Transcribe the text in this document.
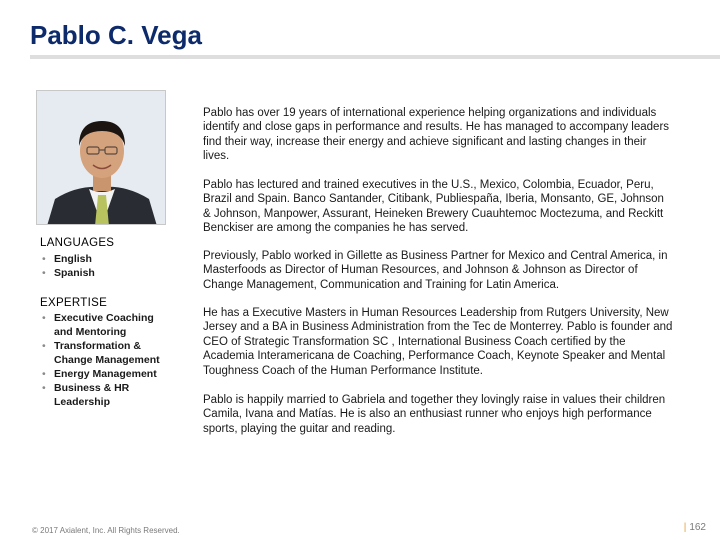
Pablo C. Vega
LANGUAGES
• English
• Spanish
EXPERTISE
• Executive Coaching and Mentoring
• Transformation & Change Management
• Energy Management
• Business & HR Leadership

Pablo has over 19 years of international experience helping organizations and individuals identify and close gaps in performance and results. He has managed to accompany leaders find their way, increase their energy and achieve significant and lasting changes in their lives.

Pablo has lectured and trained executives in the U.S., Mexico, Colombia, Ecuador, Peru, Brazil and Spain. Banco Santander, Citibank, Publiespaña, Iberia, Monsanto, GE, Johnson & Johnson, Manpower, Assurant, Heineken Brewery Cuauhtemoc Moctezuma, and Reckitt Benckiser are among the companies he has served.

Previously, Pablo worked in Gillette as Business Partner for Mexico and Central America, in Masterfoods as Director of Human Resources, and Johnson & Johnson as Director of Change Management, Communication and Training for Latin America.

He has a Executive Masters in Human Resources Leadership from Rutgers University, New Jersey and a BA in Business Administration from the Tec de Monterrey. Pablo is founder and CEO of Strategic Transformation SC , International Business Coach certified by the Academia Interamericana de Coaching, Performance Coach, Keynote Speaker and Mental Toughness Coach of the Human Performance Institute.

Pablo is happily married to Gabriela and together they lovingly raise in values their children Camila, Ivana and Matías. He is also an enthusiast runner who enjoys high performance sports, playing the guitar and reading.

© 2017 Axialent, Inc. All Rights Reserved.	| 162
